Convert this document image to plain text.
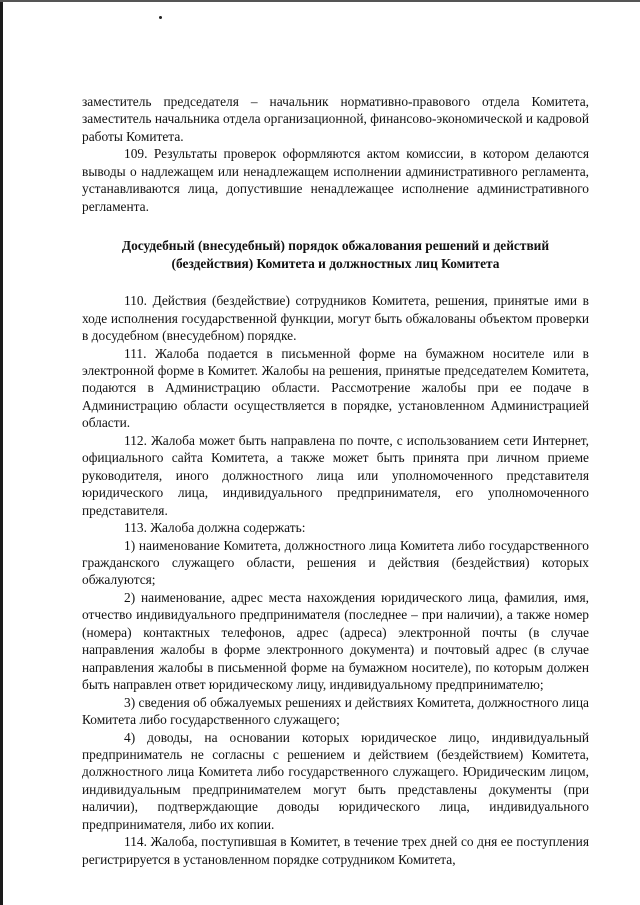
заместитель председателя – начальник нормативно-правового отдела Комитета, заместитель начальника отдела организационной, финансово-экономической и кадровой работы Комитета.

109. Результаты проверок оформляются актом комиссии, в котором делаются выводы о надлежащем или ненадлежащем исполнении административного регламента, устанавливаются лица, допустившие ненадлежащее исполнение административного регламента.

Досудебный (внесудебный) порядок обжалования решений и действий
(бездействия) Комитета и должностных лиц Комитета

110. Действия (бездействие) сотрудников Комитета, решения, принятые ими в ходе исполнения государственной функции, могут быть обжалованы объектом проверки в досудебном (внесудебном) порядке.

111. Жалоба подается в письменной форме на бумажном носителе или в электронной форме в Комитет. Жалобы на решения, принятые председателем Комитета, подаются в Администрацию области. Рассмотрение жалобы при ее подаче в Администрацию области осуществляется в порядке, установленном Администрацией области.

112. Жалоба может быть направлена по почте, с использованием сети Интернет, официального сайта Комитета, а также может быть принята при личном приеме руководителя, иного должностного лица или уполномоченного представителя юридического лица, индивидуального предпринимателя, его уполномоченного представителя.

113. Жалоба должна содержать:

1) наименование Комитета, должностного лица Комитета либо государственного гражданского служащего области, решения и действия (бездействия) которых обжалуются;

2) наименование, адрес места нахождения юридического лица, фамилия, имя, отчество индивидуального предпринимателя (последнее – при наличии), а также номер (номера) контактных телефонов, адрес (адреса) электронной почты (в случае направления жалобы в форме электронного документа) и почтовый адрес (в случае направления жалобы в письменной форме на бумажном носителе), по которым должен быть направлен ответ юридическому лицу, индивидуальному предпринимателю;

3) сведения об обжалуемых решениях и действиях Комитета, должностного лица Комитета либо государственного служащего;

4) доводы, на основании которых юридическое лицо, индивидуальный предприниматель не согласны с решением и действием (бездействием) Комитета, должностного лица Комитета либо государственного служащего. Юридическим лицом, индивидуальным предпринимателем могут быть представлены документы (при наличии), подтверждающие доводы юридического лица, индивидуального предпринимателя, либо их копии.

114. Жалоба, поступившая в Комитет, в течение трех дней со дня ее поступления регистрируется в установленном порядке сотрудником Комитета,
